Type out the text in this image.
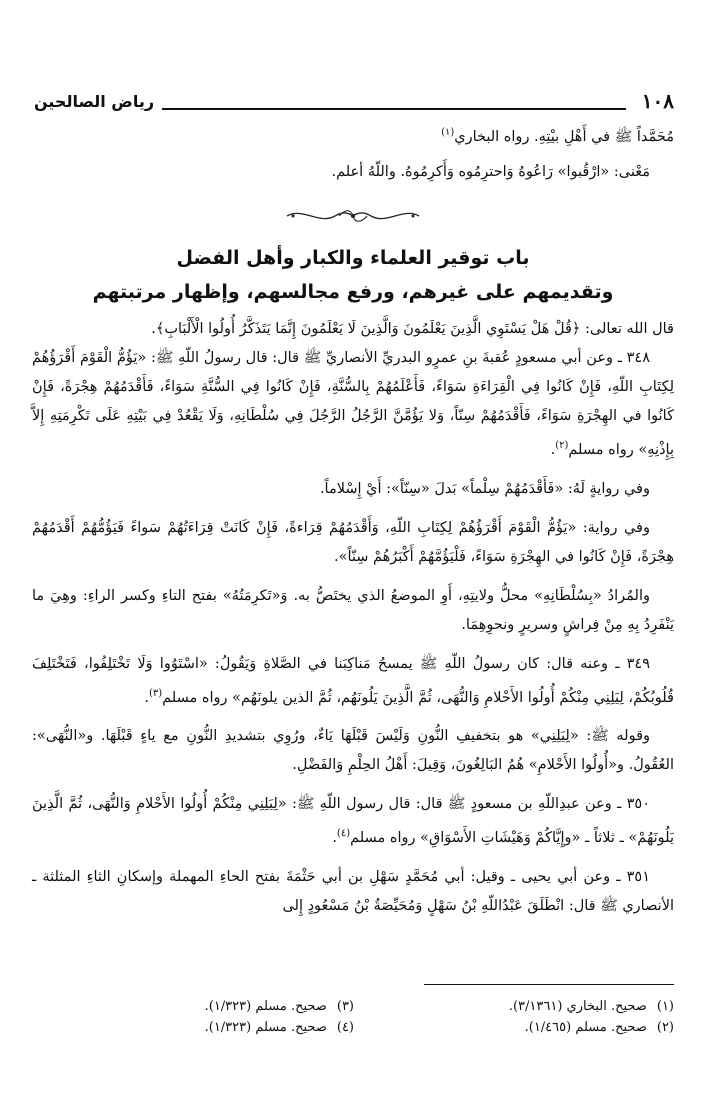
١٠٨
رياض الصالحين

مُحَمَّداً ﷺ في أَهْلِ بيْتِهِ. رواه البخاري$^{(١)}$

مَعْنى: «ارْقُبوا» رَاعُوهُ وَاحترِمُوه وَأَكرِمُوهُ. واللّهُ أعلم.

باب توقير العلماء والكبار وأهل الفضل

وتقديمهم على غيرهم، ورفع مجالسهم، وإظهار مرتبتهم

قال الله تعالى: ﴿قُلْ هَلْ يَسْتَوِي الَّذِينَ يَعْلَمُونَ وَالَّذِينَ لَا يَعْلَمُونَ إِنَّمَا يَتَذَكَّرُ أُولُوا الْأَلْبَابِ﴾.

٣٤٨ ـ وعن أبي مسعودٍ عُقبةَ بنِ عمرٍو البدريِّ الأنصاريِّ ﷺ قال: قال رسولُ اللّهِ ﷺ: «يَؤُمُّ الْقَوْمَ أَقْرَؤُهُمْ لِكِتَابِ اللّهِ، فَإِنْ كَانُوا فِي الْقِرَاءَةِ سَوَاءً، فَأَعْلَمُهُمْ بِالسُّنَّةِ، فَإِنْ كَانُوا فِي السُّنَّةِ سَوَاءً، فَأَقْدَمُهُمْ هِجْرَةً، فَإِنْ كَانُوا في الهِجْرَةِ سَوَاءً، فَأَقْدَمُهُمْ سِنّاً، وَلا يَؤُمَّنَّ الرَّجُلُ الرَّجُلَ فِي سُلْطَانِهِ، وَلَا يَقْعُدْ فِي بَيْتِهِ عَلَى تَكْرِمَتِهِ إِلاَّ بِإِذْنِهِ» رواه مسلم$^{(٢)}$.

وفي روايةٍ لَهُ: «فَأَقْدَمُهُمْ سِلْماً» بَدلَ «سِنّاً»: أَيْ إِسْلاماً.

وفي رواية: «يَؤُمُّ الْقَوْمَ أَقْرَؤُهُمْ لِكِتَابِ اللّهِ، وَأَقْدَمُهُمْ قِرَاءةً، فَإِنْ كَانَتْ قِرَاءَتُهُمْ سَواءً فَيَؤُمُّهُمْ أَقْدَمُهُمْ هِجْرَةً، فَإِنْ كَانُوا في الهِجْرَةِ سَوَاءً، فَلْيَؤُمَّهُمْ أَكْبَرُهُمْ سِنّاً».

والمُرادُ «بِسُلْطَانِهِ» محلُّ ولايتِهِ، أَوِ الموضعُ الذي يختَصُّ به. وَ«تَكرِمَتُهُ» بفتح التاءِ وكسر الراءِ: وهِيَ ما يَنْفَرِدُ بِهِ مِنْ فِراشٍ وسريرٍ ونحوِهِمَا.

٣٤٩ ـ وعنه قال: كان رسولُ اللّهِ ﷺ يمسحُ مَناكِبَنا في الصَّلاةِ وَيَقُولُ: «اسْتَوُوا وَلَا تَخْتَلِفُوا، فَتَخْتَلِفَ قُلُوبُكُمْ، لِيَلِنِي مِنْكُمْ أُولُوا الأَحْلامِ وَالنُّهَى، ثُمَّ الَّذِينَ يَلُونَهُم، ثُمَّ الذين يلونَهُم» رواه مسلم$^{(٣)}$.

وقوله ﷺ: «لِيَلِنِي» هو بتخفيفِ النُّونِ وَلَيْسَ قَبْلَهَا يَاءٌ، ورُوِي بتشديدِ النُّونِ مع ياءٍ قَبْلَهَا. و«النُّهَى»: العُقُولُ. و«أُولُوا الأَحْلامِ» هُمُ البَالِغُونَ، وَقِيلَ: أَهْلُ الحِلْمِ وَالفَضْلِ.

٣٥٠ ـ وعن عبدِاللّهِ بن مسعودٍ ﷺ قال: قال رسول اللّهِ ﷺ: «لِيَلِنِي مِنْكُمْ أُولُوا الأَحْلامِ وَالنُّهَى، ثُمَّ الَّذِينَ يَلُونَهُمْ» ـ ثلاثاً ـ «وإِيَّاكُمْ وَهَيْشَاتِ الأَسْوَاقِ» رواه مسلم$^{(٤)}$.

٣٥١ ـ وعن أبي يحيى ـ وقيل: أبي مُحَمَّدٍ سَهْلِ بن أبي حَثْمَةَ بفتح الحاءِ المهملة وإسكانِ الثاءِ المثلثة ـ الأنصاري ﷺ قال: انْطَلَقَ عَبْدُاللّهِ بْنُ سَهْلٍ وَمُحَيِّصَةُ بْنُ مَسْعُودٍ إِلى

(١)صحيح. البخاري (٣/١٣٦١).
(٣)صحيح. مسلم (١/٣٢٣).
(٢)صحيح. مسلم (١/٤٦٥).
(٤)صحيح. مسلم (١/٣٢٣).
